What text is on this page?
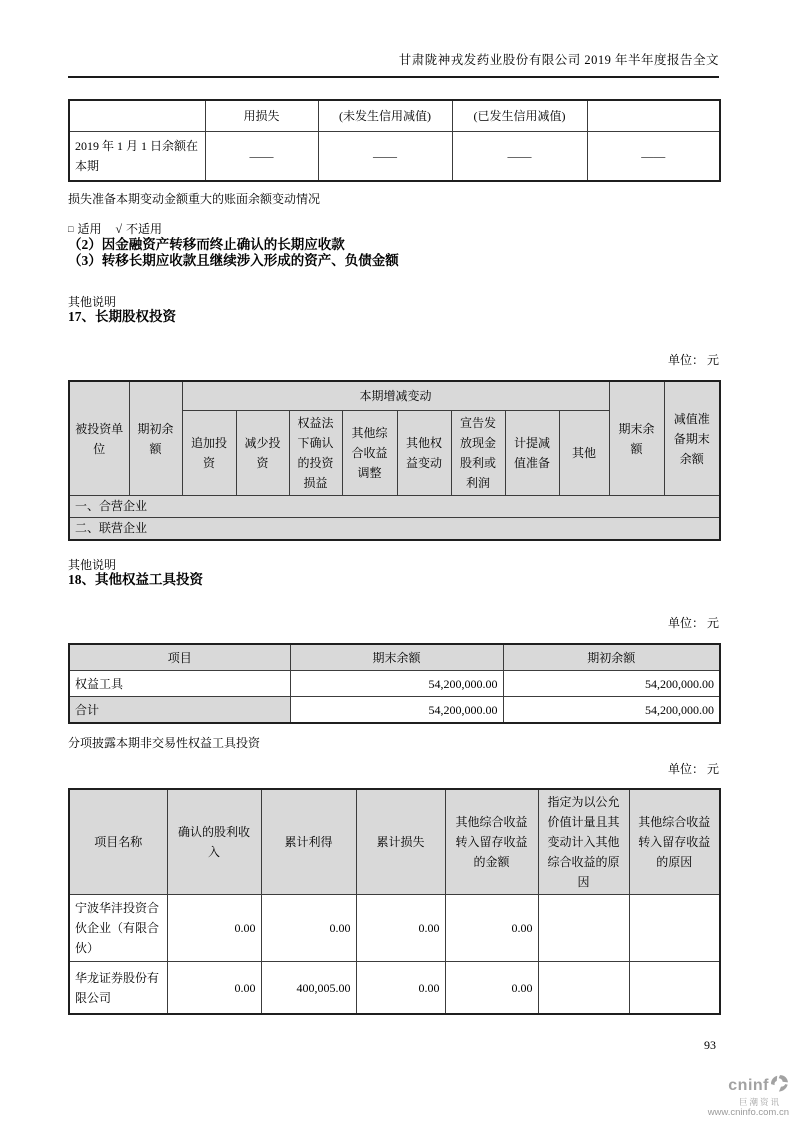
甘肃陇神戎发药业股份有限公司 2019 年半年度报告全文
	用损失	(未发生信用减值)	(已发生信用减值)	
2019 年 1 月 1 日余额在本期	——	——	——	——

损失准备本期变动金额重大的账面余额变动情况

□ 适用 √ 不适用

（2）因金融资产转移而终止确认的长期应收款
（3）转移长期应收款且继续涉入形成的资产、负债金额

其他说明

17、长期股权投资
单位： 元
被投资单位	期初余额	本期增减变动								期末余额	减值准备期末余额
		追加投资	减少投资	权益法下确认的投资损益	其他综合收益调整	其他权益变动	宣告发放现金股利或利润	计提减值准备	其他		
一、合营企业											
二、联营企业											

其他说明

18、其他权益工具投资
单位： 元
项目	期末余额	期初余额
权益工具	54,200,000.00	54,200,000.00
合计	54,200,000.00	54,200,000.00

分项披露本期非交易性权益工具投资

单位： 元
项目名称	确认的股利收入	累计利得	累计损失	其他综合收益转入留存收益的金额	指定为以公允价值计量且其变动计入其他综合收益的原因	其他综合收益转入留存收益的原因
宁波华沣投资合伙企业（有限合伙）	0.00	0.00	0.00	0.00		
华龙证券股份有限公司	0.00	400,005.00	0.00	0.00		
93
cninf
巨潮资讯
www.cninfo.com.cn
